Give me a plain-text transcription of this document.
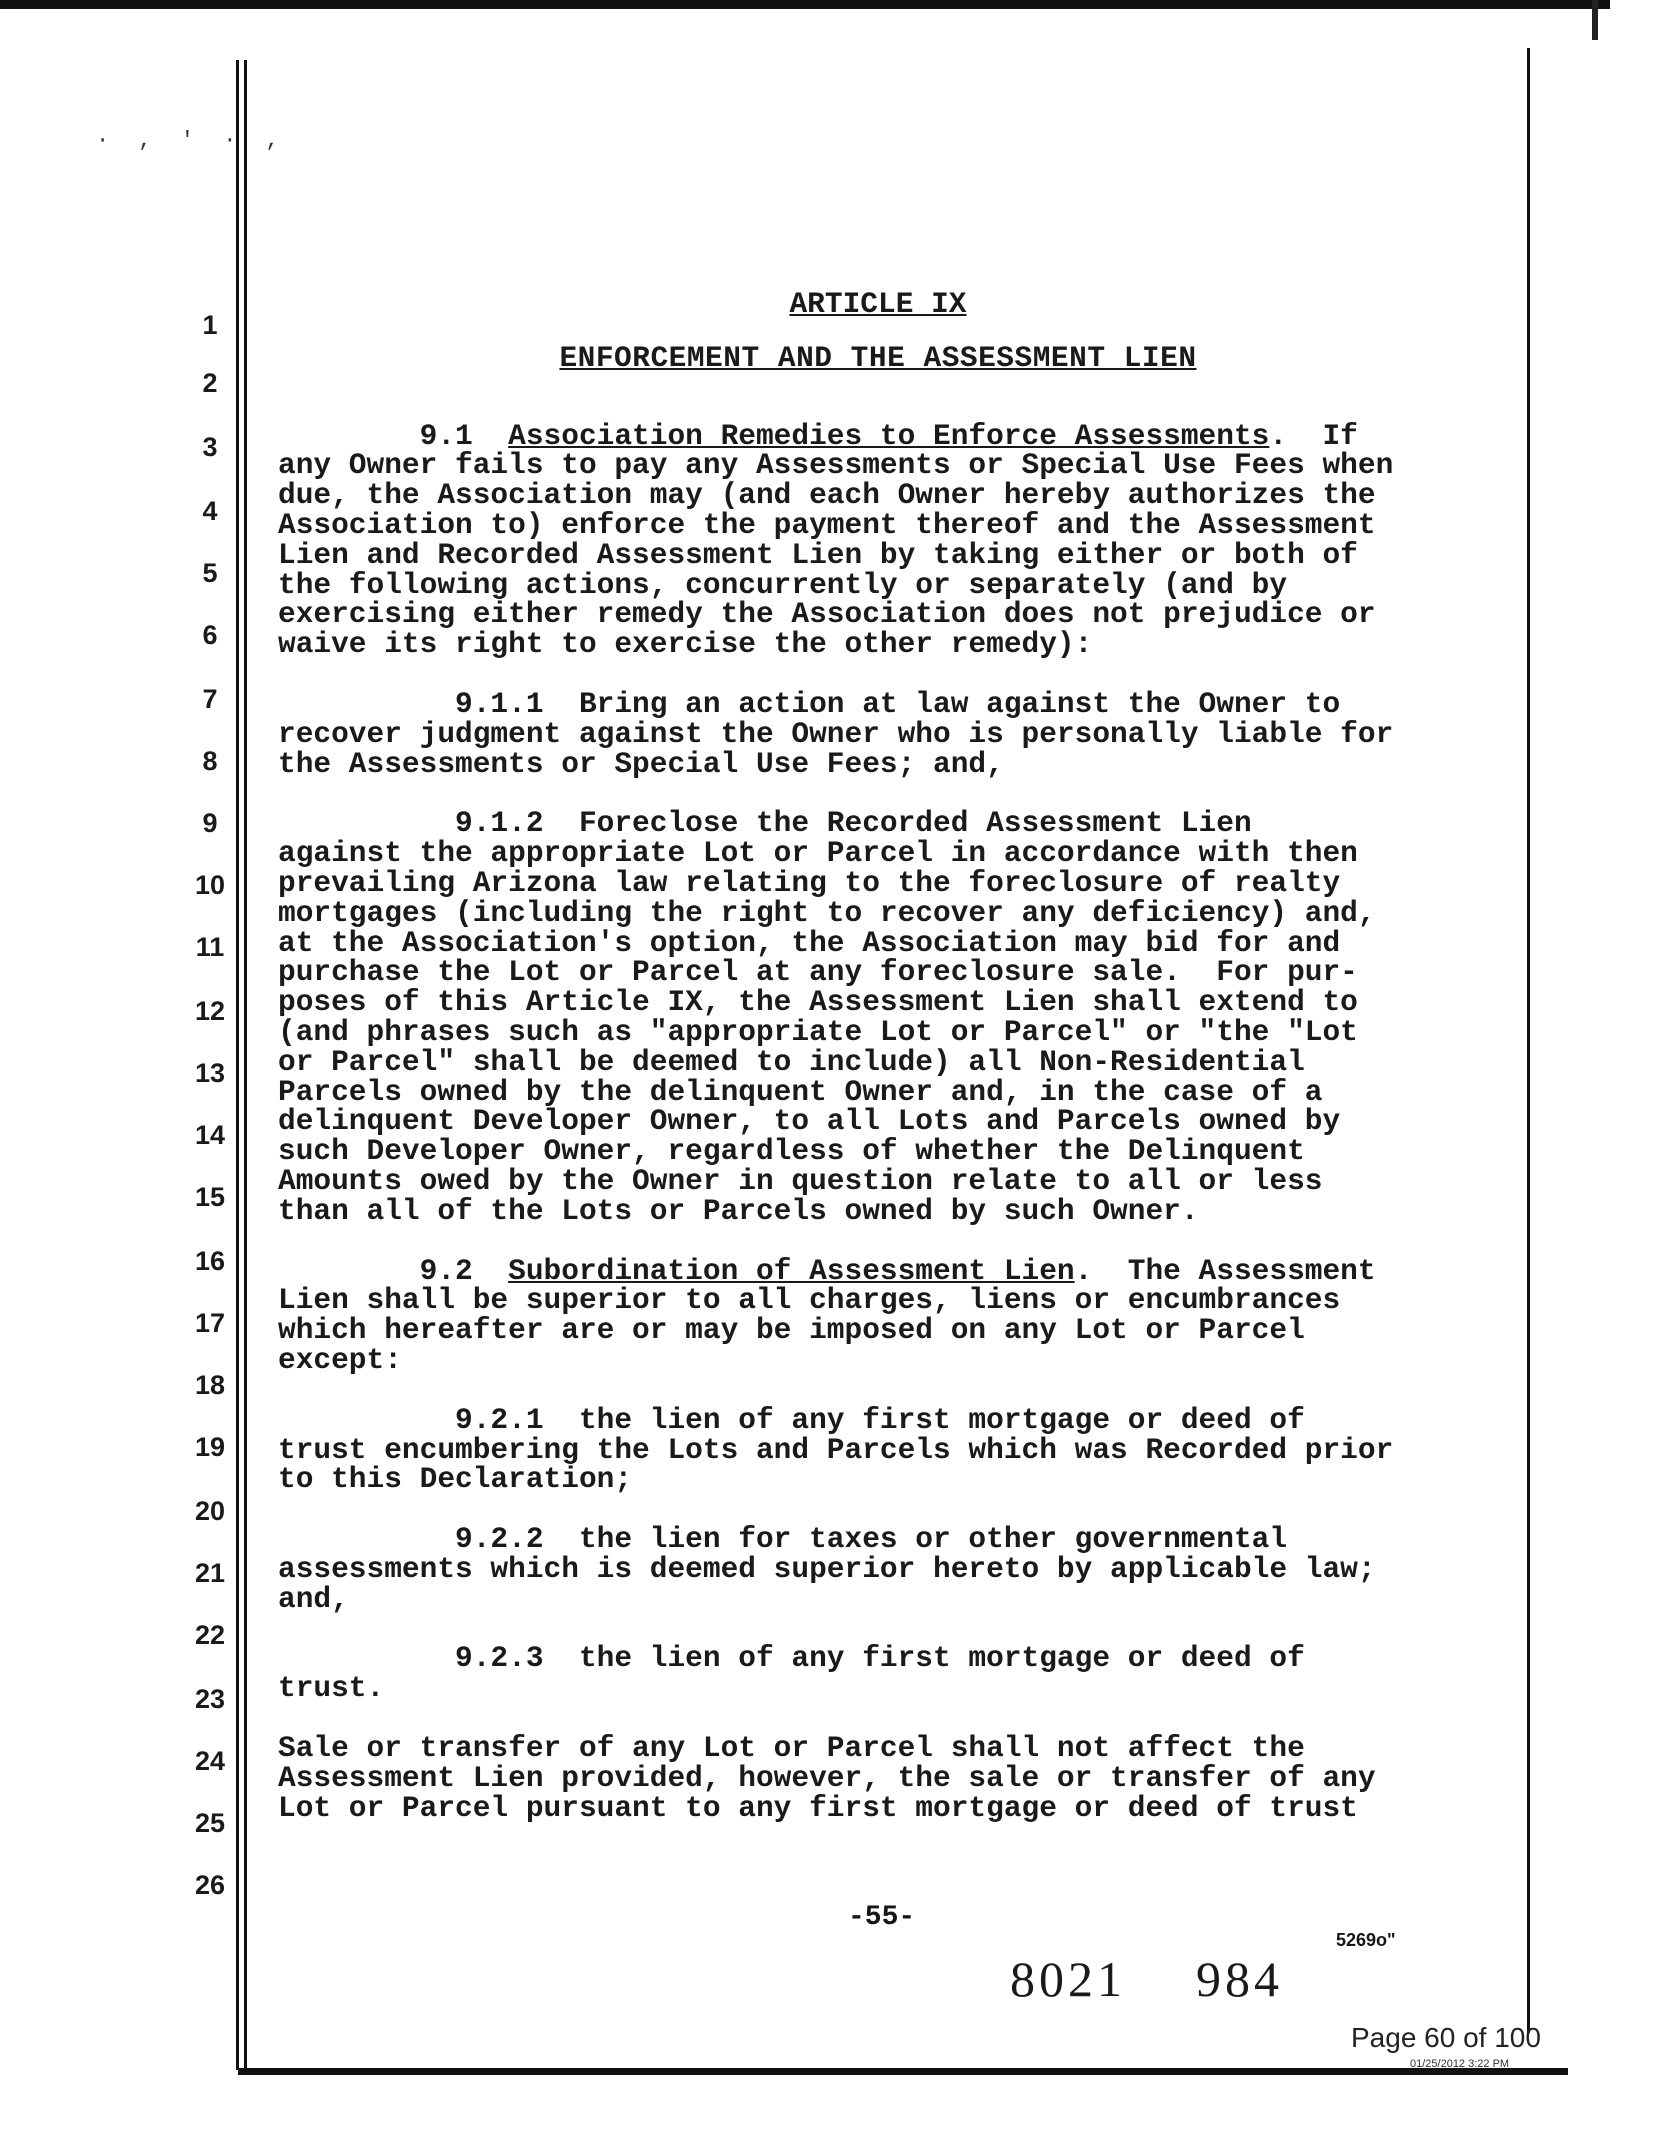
· , ' · ,
1
2
3
4
5
6
7
8
9
10
11
12
13
14
15
16
17
18
19
20
21
22
23
24
25
26

ARTICLE IX

ENFORCEMENT AND THE ASSESSMENT LIEN

9.1 Association Remedies to Enforce Assessments.  If
any Owner fails to pay any Assessments or Special Use Fees when
due, the Association may (and each Owner hereby authorizes the
Association to) enforce the payment thereof and the Assessment
Lien and Recorded Assessment Lien by taking either or both of
the following actions, concurrently or separately (and by
exercising either remedy the Association does not prejudice or
waive its right to exercise the other remedy):

9.1.1  Bring an action at law against the Owner to
recover judgment against the Owner who is personally liable for
the Assessments or Special Use Fees; and,

9.1.2  Foreclose the Recorded Assessment Lien
against the appropriate Lot or Parcel in accordance with then
prevailing Arizona law relating to the foreclosure of realty
mortgages (including the right to recover any deficiency) and,
at the Association's option, the Association may bid for and
purchase the Lot or Parcel at any foreclosure sale.  For pur-
poses of this Article IX, the Assessment Lien shall extend to
(and phrases such as "appropriate Lot or Parcel" or "the "Lot
or Parcel" shall be deemed to include) all Non-Residential
Parcels owned by the delinquent Owner and, in the case of a
delinquent Developer Owner, to all Lots and Parcels owned by
such Developer Owner, regardless of whether the Delinquent
Amounts owed by the Owner in question relate to all or less
than all of the Lots or Parcels owned by such Owner.

9.2 Subordination of Assessment Lien.  The Assessment
Lien shall be superior to all charges, liens or encumbrances
which hereafter are or may be imposed on any Lot or Parcel
except:

9.2.1  the lien of any first mortgage or deed of
trust encumbering the Lots and Parcels which was Recorded prior
to this Declaration;

9.2.2  the lien for taxes or other governmental
assessments which is deemed superior hereto by applicable law;
and,

9.2.3  the lien of any first mortgage or deed of
trust.

Sale or transfer of any Lot or Parcel shall not affect the
Assessment Lien provided, however, the sale or transfer of any
Lot or Parcel pursuant to any first mortgage or deed of trust

-55-
5269o"
8021 984
Page 60 of 100
01/25/2012 3:22 PM
